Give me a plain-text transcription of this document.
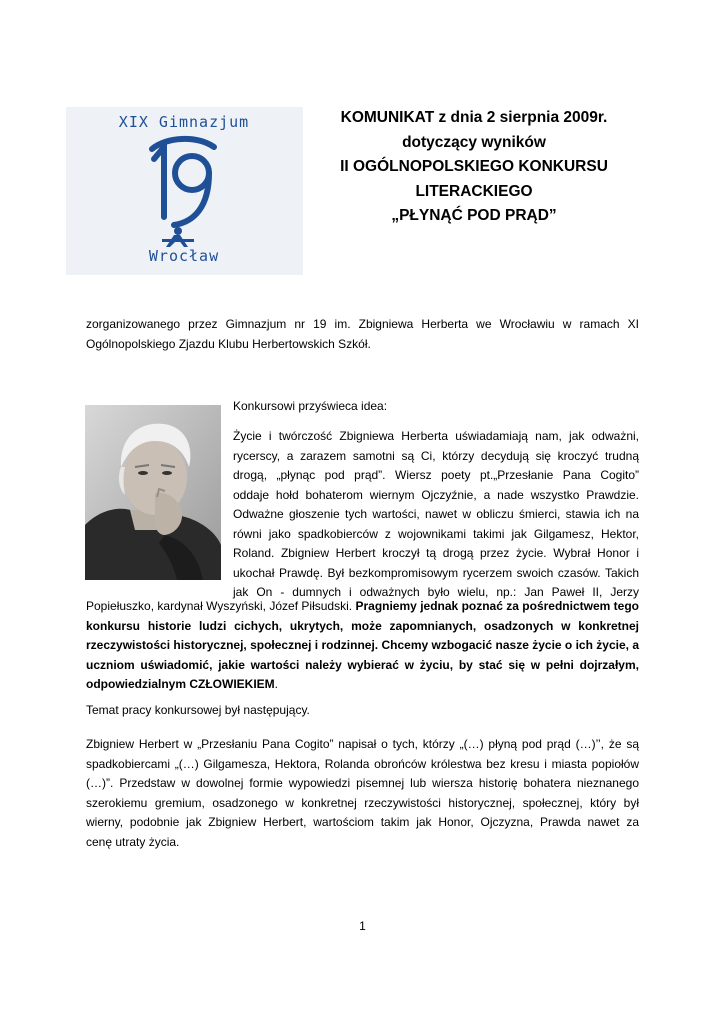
XIX Gimnazjum
Wrocław
KOMUNIKAT z dnia 2 sierpnia 2009r.
dotyczący wyników
II OGÓLNOPOLSKIEGO KONKURSU
LITERACKIEGO
„PŁYNĄĆ POD PRĄD”
zorganizowanego przez Gimnazjum nr 19 im. Zbigniewa Herberta we Wrocławiu w ramach XI
Ogólnopolskiego Zjazdu Klubu Herbertowskich Szkół.
Konkursowi przyświeca idea:
Życie i twórczość Zbigniewa Herberta uświadamiają nam, jak odważni,
rycerscy, a zarazem samotni są Ci, którzy decydują się kroczyć trudną
drogą, „płynąc pod prąd”. Wiersz poety pt.„Przesłanie Pana Cogito”
oddaje hołd bohaterom wiernym Ojczyźnie, a nade wszystko Prawdzie.
Odważne głoszenie tych wartości, nawet w obliczu śmierci, stawia ich na
równi jako spadkobierców z wojownikami takimi jak Gilgamesz, Hektor,
Roland. Zbigniew Herbert kroczył tą drogą przez życie. Wybrał Honor i
ukochał Prawdę. Był bezkompromisowym rycerzem swoich czasów. Takich
jak On - dumnych i odważnych było wielu, np.: Jan Paweł II, Jerzy
Popiełuszko, kardynał Wyszyński, Józef Piłsudski. Pragniemy jednak poznać za pośrednictwem tego
konkursu historie ludzi cichych, ukrytych, może zapomnianych, osadzonych w konkretnej
rzeczywistości historycznej, społecznej i rodzinnej. Chcemy wzbogacić nasze życie o ich życie, a
uczniom uświadomić, jakie wartości należy wybierać w życiu, by stać się w pełni dojrzałym,
odpowiedzialnym CZŁOWIEKIEM.
Temat pracy konkursowej był następujący.
Zbigniew Herbert w „Przesłaniu Pana Cogito” napisał o tych, którzy „(…) płyną pod prąd (…)’’, że są
spadkobiercami „(…) Gilgamesza, Hektora, Rolanda obrońców królestwa bez kresu i miasta popiołów
(…)”. Przedstaw w dowolnej formie wypowiedzi pisemnej lub wiersza historię bohatera nieznanego
szerokiemu gremium, osadzonego w konkretnej rzeczywistości historycznej, społecznej, który był
wierny, podobnie jak Zbigniew Herbert, wartościom takim jak Honor, Ojczyzna, Prawda nawet za
cenę utraty życia.
1
